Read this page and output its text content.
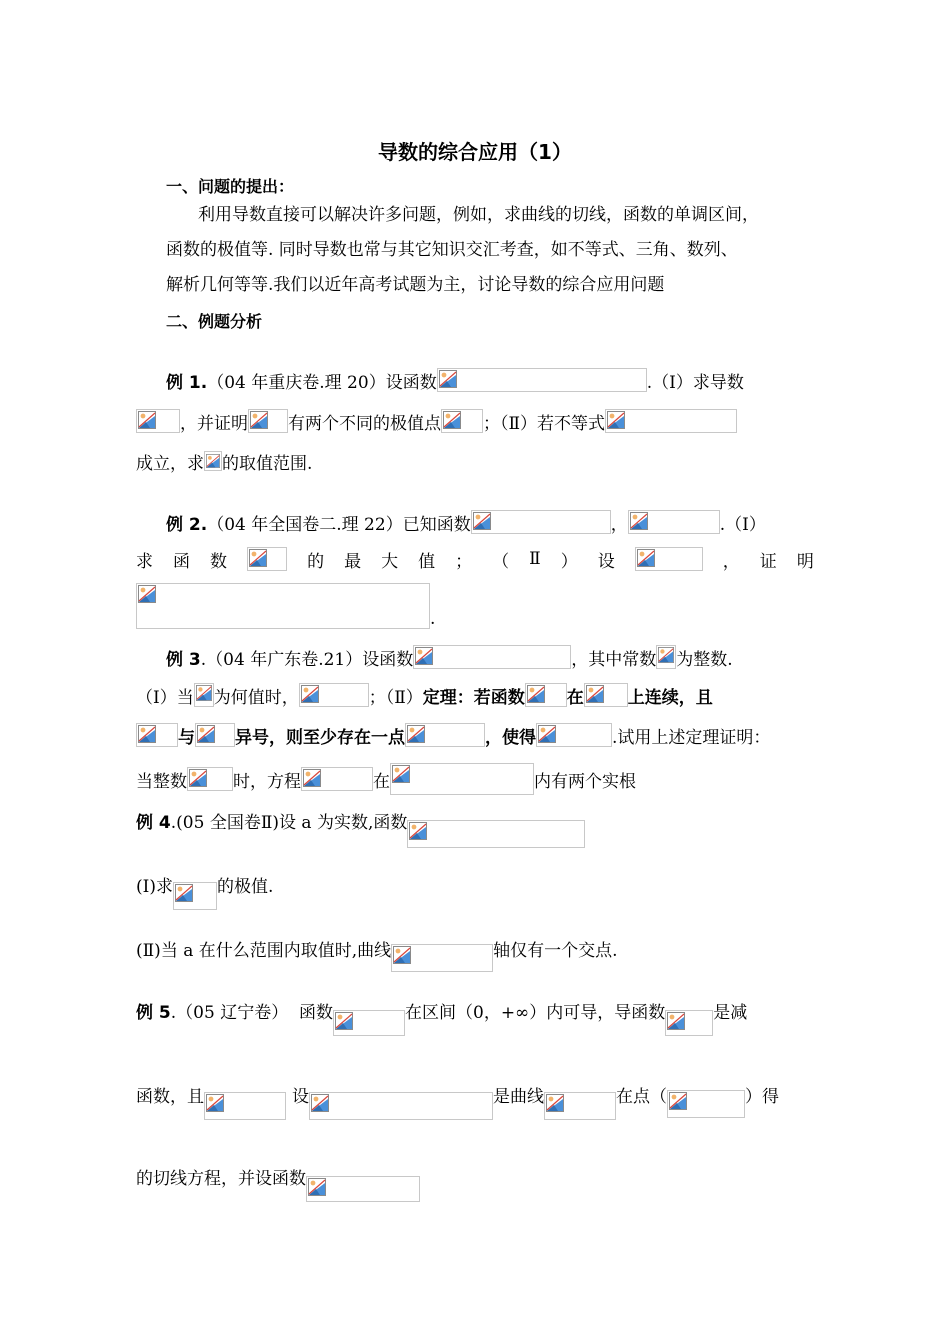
导数的综合应用（1）
一、问题的提出：
利用导数直接可以解决许多问题，例如，求曲线的切线，函数的单调区间，
函数的极值等. 同时导数也常与其它知识交汇考查，如不等式、三角、数列、
解析几何等等.我们以近年高考试题为主，讨论导数的综合应用问题
二、例题分析
例 1. （04 年重庆卷.理 20）设函数	.（Ⅰ）求导数
，并证明 有两个不同的极值点 ；（Ⅱ）若不等式
成立，求 的取值范围.
例 2. （04 年全国卷二.理 22）已知函数	，	.（Ⅰ）
求 函 数	的 最 大 值 ； （ Ⅱ ） 设	， 证 明
.
例 3 .（04 年广东卷.21）设函数	，其中常数 为整数.
（Ⅰ）当 为何值时，	；（Ⅱ） 定理：若函数 在	上连续，且
与 异号，则至少存在一点	，使得	.试用上述定理证明：
当整数	时，方程	在	内有两个实根
例 4 .(05 全国卷Ⅱ)设 a 为实数,函数
(Ⅰ)求	的极值.
(Ⅱ)当 a 在什么范围内取值时,曲线	轴仅有一个交点.
例 5 .（05 辽宁卷）  函数	在区间（0，+∞）内可导，导函数	是减
函数，且	设	是曲线	在点（	）得
的切线方程，并设函数
